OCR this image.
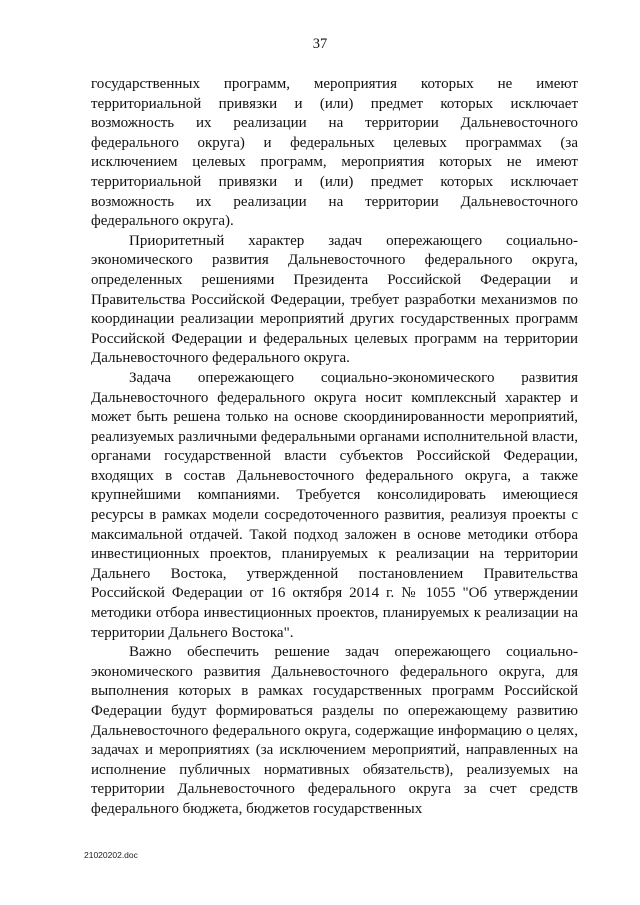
37

государственных программ, мероприятия которых не имеют территориальной привязки и (или) предмет которых исключает возможность их реализации на территории Дальневосточного федерального округа) и федеральных целевых программах (за исключением целевых программ, мероприятия которых не имеют территориальной привязки и (или) предмет которых исключает возможность их реализации на территории Дальневосточного федерального округа).

Приоритетный характер задач опережающего социально-экономического развития Дальневосточного федерального округа, определенных решениями Президента Российской Федерации и Правительства Российской Федерации, требует разработки механизмов по координации реализации мероприятий других государственных программ Российской Федерации и федеральных целевых программ на территории Дальневосточного федерального округа.

Задача опережающего социально-экономического развития Дальневосточного федерального округа носит комплексный характер и может быть решена только на основе скоординированности мероприятий, реализуемых различными федеральными органами исполнительной власти, органами государственной власти субъектов Российской Федерации, входящих в состав Дальневосточного федерального округа, а также крупнейшими компаниями. Требуется консолидировать имеющиеся ресурсы в рамках модели сосредоточенного развития, реализуя проекты с максимальной отдачей. Такой подход заложен в основе методики отбора инвестиционных проектов, планируемых к реализации на территории Дальнего Востока, утвержденной постановлением Правительства Российской Федерации от 16 октября 2014 г. № 1055 "Об утверждении методики отбора инвестиционных проектов, планируемых к реализации на территории Дальнего Востока".

Важно обеспечить решение задач опережающего социально-экономического развития Дальневосточного федерального округа, для выполнения которых в рамках государственных программ Российской Федерации будут формироваться разделы по опережающему развитию Дальневосточного федерального округа, содержащие информацию о целях, задачах и мероприятиях (за исключением мероприятий, направленных на исполнение публичных нормативных обязательств), реализуемых на территории Дальневосточного федерального округа за счет средств федерального бюджета, бюджетов государственных

21020202.doc
